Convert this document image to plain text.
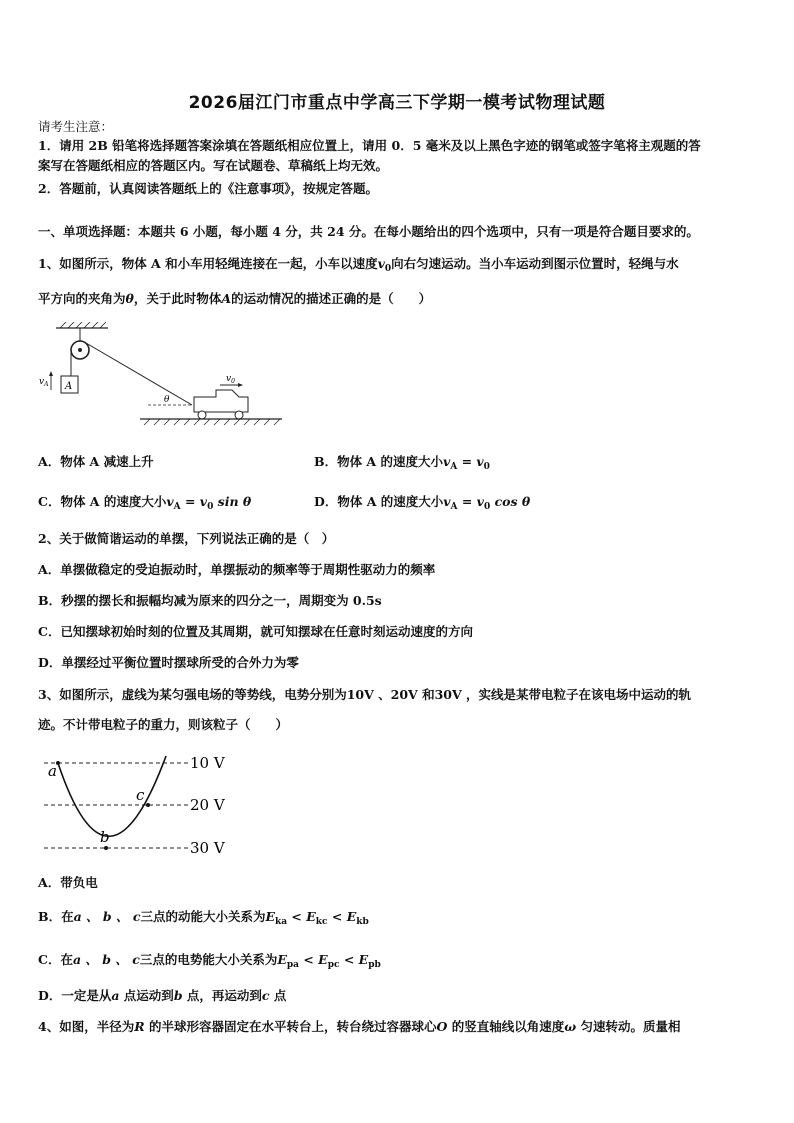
2026届江门市重点中学高三下学期一模考试物理试题
请考生注意：
1．请用 2B 铅笔将选择题答案涂填在答题纸相应位置上，请用 0．5 毫米及以上黑色字迹的钢笔或签字笔将主观题的答
案写在答题纸相应的答题区内。写在试题卷、草稿纸上均无效。
2．答题前，认真阅读答题纸上的《注意事项》，按规定答题。
一、单项选择题：本题共 6 小题，每小题 4 分，共 24 分。在每小题给出的四个选项中，只有一项是符合题目要求的。
1、如图所示，物体 A 和小车用轻绳连接在一起，小车以速度$v_0$向右匀速运动。当小车运动到图示位置时，轻绳与水
平方向的夹角为θ，关于此时物体A的运动情况的描述正确的是（　　）
A
$v_A$
θ
$v_0$
A．物体 A 减速上升	B．物体 A 的速度大小$v_A = v_0$
C．物体 A 的速度大小$v_A = v_0$ sin θ	D．物体 A 的速度大小$v_A = v_0$ cos θ
2、关于做简谐运动的单摆，下列说法正确的是（　）
A．单摆做稳定的受迫振动时，单摆振动的频率等于周期性驱动力的频率
B．秒摆的摆长和振幅均减为原来的四分之一，周期变为 0.5s
C．已知摆球初始时刻的位置及其周期，就可知摆球在任意时刻运动速度的方向
D．单摆经过平衡位置时摆球所受的合外力为零
3、如图所示，虚线为某匀强电场的等势线，电势分别为10V 、20V 和30V ，实线是某带电粒子在该电场中运动的轨
迹。不计带电粒子的重力，则该粒子（　　）
10 V
20 V
30 V
a
b
c
A．带负电
B．在a 、 b 、 c三点的动能大小关系为$E_{ka} < E_{kc} < E_{kb}$
C．在a 、 b 、 c三点的电势能大小关系为$E_{pa} < E_{pc} < E_{pb}$
D．一定是从a 点运动到b 点，再运动到c 点
4、如图，半径为R 的半球形容器固定在水平转台上，转台绕过容器球心O 的竖直轴线以角速度ω 匀速转动。质量相
